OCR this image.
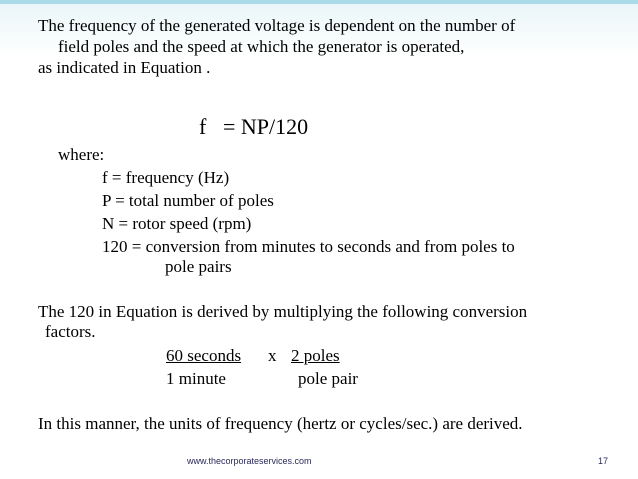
The frequency of the generated voltage is dependent on the number of
field poles and the speed at which the generator is operated,
as indicated in Equation .
f = NP/120
where:
f = frequency (Hz)
P = total number of poles
N = rotor speed (rpm)
120 = conversion from minutes to seconds and from poles to
pole pairs
The 120 in Equation is derived by multiplying the following conversion
factors.
60 seconds x 2 poles
1 minute	pole pair
In this manner, the units of frequency (hertz or cycles/sec.) are derived.
www.thecorporateservices.com	17
